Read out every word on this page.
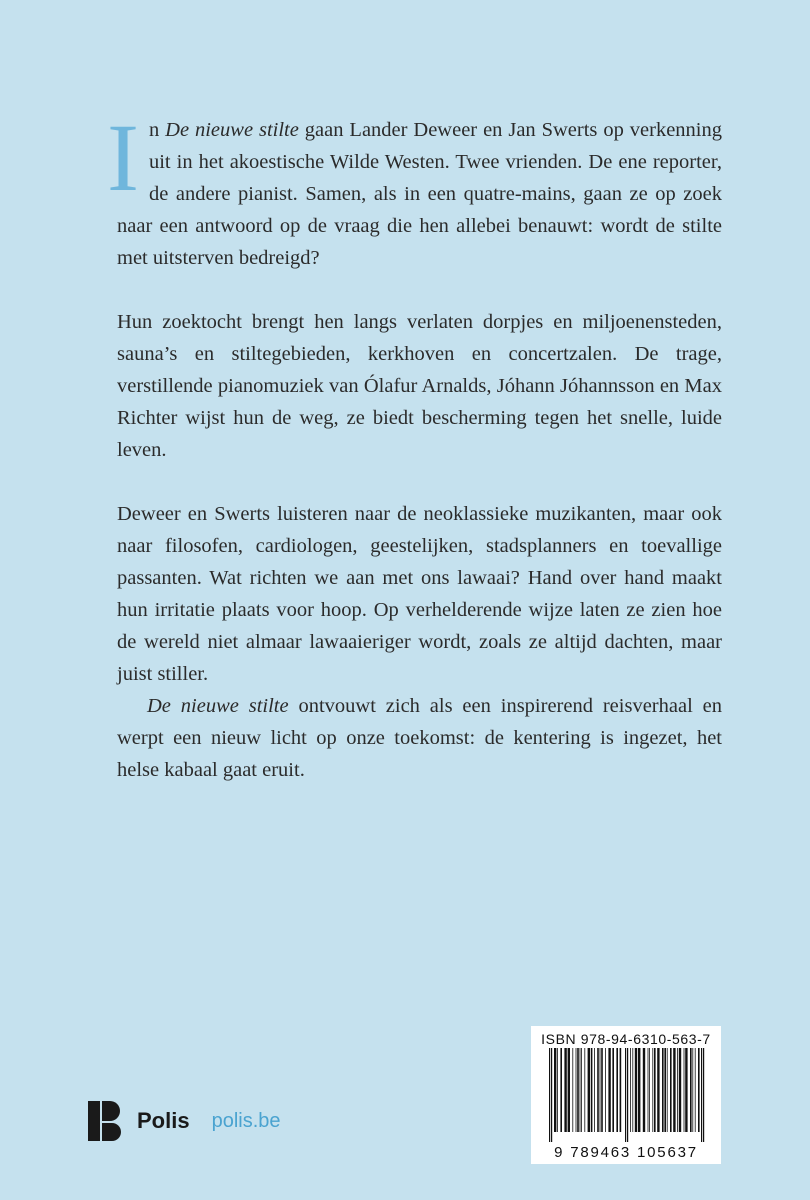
In De nieuwe stilte gaan Lander Deweer en Jan Swerts op verkenning uit in het akoestische Wilde Westen. Twee vrienden. De ene reporter, de andere pianist. Samen, als in een quatre-mains, gaan ze op zoek naar een antwoord op de vraag die hen allebei benauwt: wordt de stilte met uitsterven bedreigd?

Hun zoektocht brengt hen langs verlaten dorpjes en miljoenensteden, sauna’s en stiltegebieden, kerkhoven en concertzalen. De trage, verstillende pianomuziek van Ólafur Arnalds, Jóhann Jóhannsson en Max Richter wijst hun de weg, ze biedt bescherming tegen het snelle, luide leven.

Deweer en Swerts luisteren naar de neoklassieke muzikanten, maar ook naar filosofen, cardiologen, geestelijken, stadsplanners en toevallige passanten. Wat richten we aan met ons lawaai? Hand over hand maakt hun irritatie plaats voor hoop. Op verhelderende wijze laten ze zien hoe de wereld niet almaar lawaaieriger wordt, zoals ze altijd dachten, maar juist stiller.

De nieuwe stilte ontvouwt zich als een inspirerend reisverhaal en werpt een nieuw licht op onze toekomst: de kentering is ingezet, het helse kabaal gaat eruit.

ISBN 978-94-6310-563-7
9 789463 105637
Polis polis.be
